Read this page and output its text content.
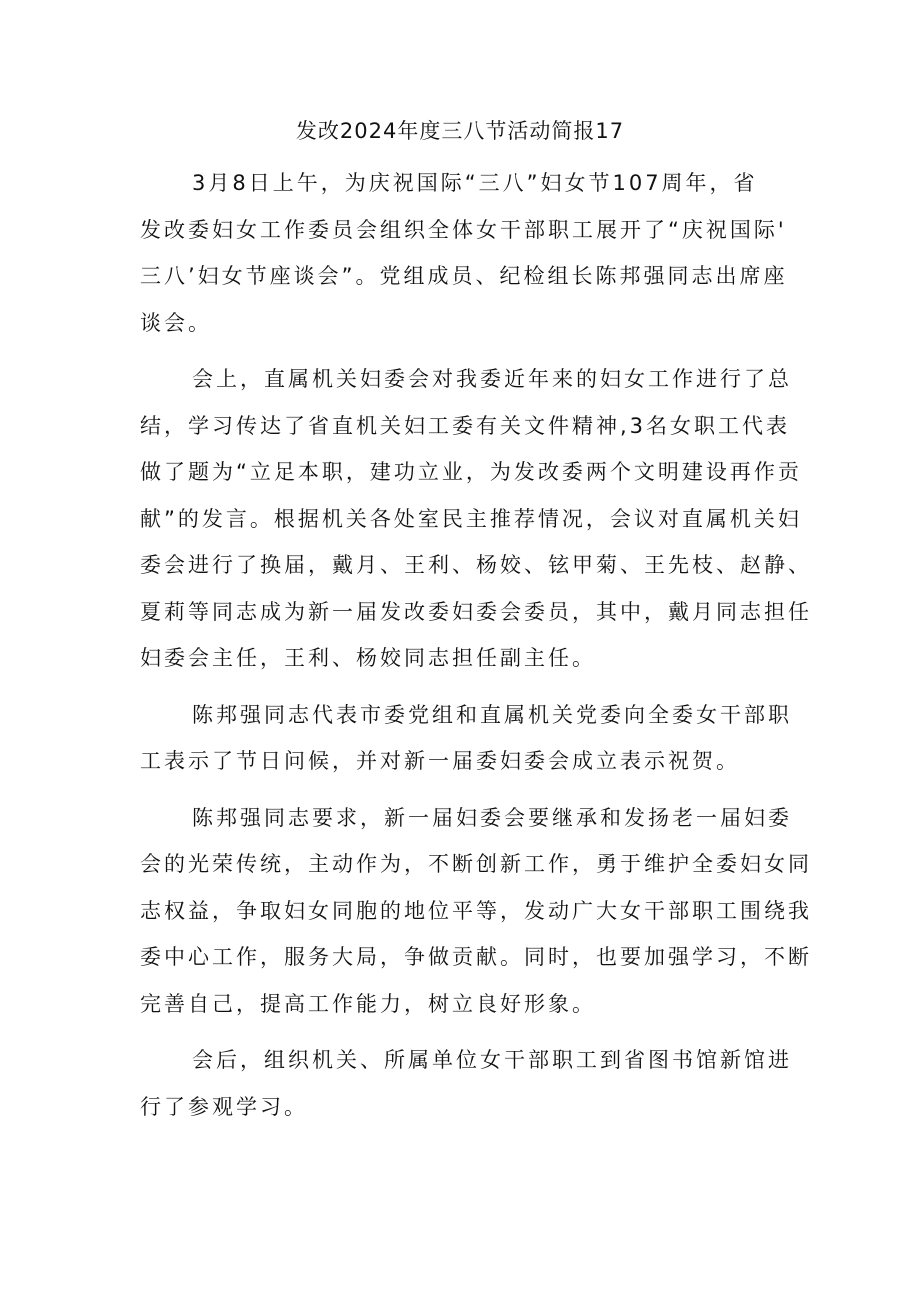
发改2024年度三八节活动简报17

3月8日上午，为庆祝国际“三八”妇女节107周年，省
发改委妇女工作委员会组织全体女干部职工展开了“庆祝国际'
三八’妇女节座谈会”。党组成员、纪检组长陈邦强同志出席座
谈会。

会上，直属机关妇委会对我委近年来的妇女工作进行了总
结，学习传达了省直机关妇工委有关文件精神,3名女职工代表
做了题为“立足本职，建功立业，为发改委两个文明建设再作贡
献”的发言。根据机关各处室民主推荐情况，会议对直属机关妇
委会进行了换届，戴月、王利、杨姣、铉甲菊、王先枝、赵静、
夏莉等同志成为新一届发改委妇委会委员，其中，戴月同志担任
妇委会主任，王利、杨姣同志担任副主任。

陈邦强同志代表市委党组和直属机关党委向全委女干部职
工表示了节日问候，并对新一届委妇委会成立表示祝贺。

陈邦强同志要求，新一届妇委会要继承和发扬老一届妇委
会的光荣传统，主动作为，不断创新工作，勇于维护全委妇女同
志权益，争取妇女同胞的地位平等，发动广大女干部职工围绕我
委中心工作，服务大局，争做贡献。同时，也要加强学习，不断
完善自己，提高工作能力，树立良好形象。

会后，组织机关、所属单位女干部职工到省图书馆新馆进
行了参观学习。
